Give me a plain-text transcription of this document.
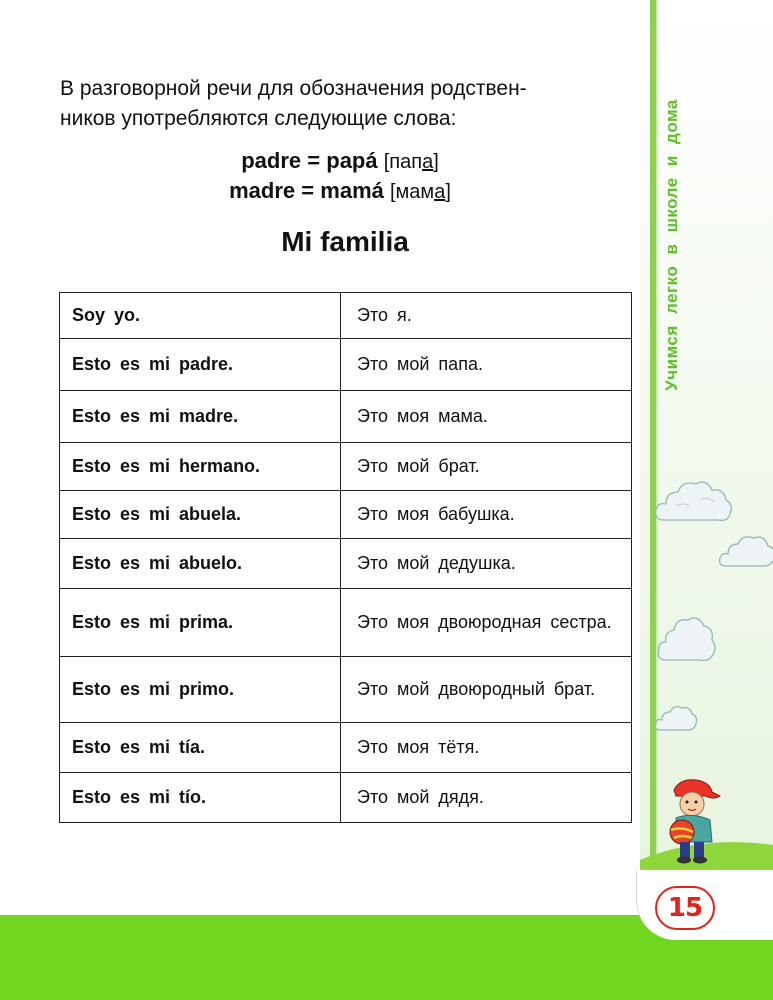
Учимся легко в школе и дома
15

В разговорной речи для обозначения родствен-
ников употребляются следующие слова:

padre = papá [папа]
madre = mamá [мама]
Mi familia
Soy yo.	Это я.
Esto es mi padre.	Это мой папа.
Esto es mi madre.	Это моя мама.
Esto es mi hermano.	Это мой брат.
Esto es mi abuela.	Это моя бабушка.
Esto es mi abuelo.	Это мой дедушка.
Esto es mi prima.	Это моя двоюродная сестра.
Esto es mi primo.	Это мой двоюродный брат.
Esto es mi tía.	Это моя тётя.
Esto es mi tío.	Это мой дядя.
